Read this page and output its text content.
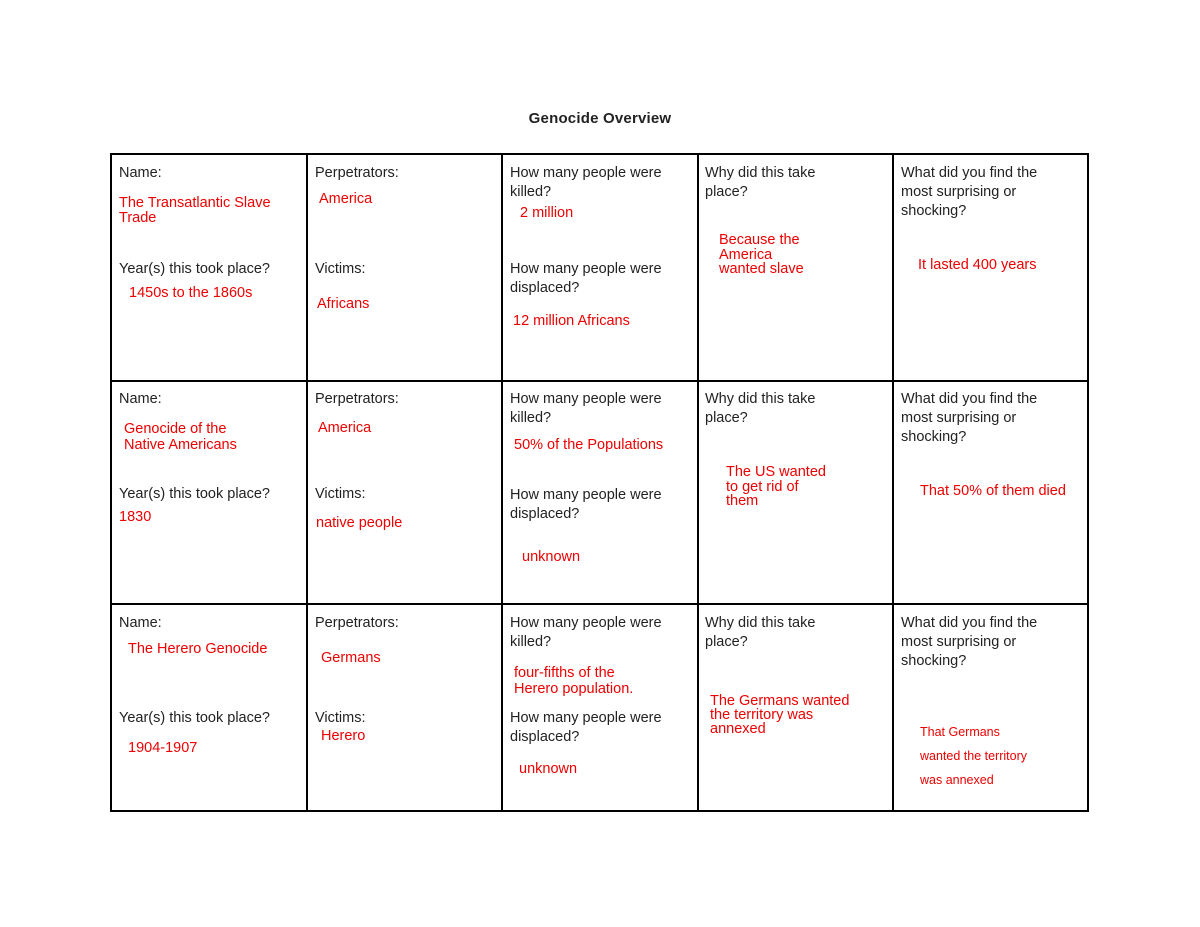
Genocide Overview
Name:
The Transatlantic Slave
Trade
Year(s) this took place?
1450s to the 1860s
Perpetrators:
America
Victims:
Africans
How many people were
killed?
2 million
How many people were
displaced?
12 million Africans
Why did this take
place?
Because the
America
wanted slave
What did you find the
most surprising or
shocking?
It lasted 400 years
Name:
Genocide of the
Native Americans
Year(s) this took place?
1830
Perpetrators:
America
Victims:
native people
How many people were
killed?
50% of the Populations
How many people were
displaced?
unknown
Why did this take
place?
The US wanted
to get rid of
them
What did you find the
most surprising or
shocking?
That 50% of them died
Name:
The Herero Genocide
Year(s) this took place?
1904-1907
Perpetrators:
Germans
Victims:
Herero
How many people were
killed?
four-fifths of the
Herero population.
How many people were
displaced?
unknown
Why did this take
place?
The Germans wanted
the territory was
annexed
What did you find the
most surprising or
shocking?
That Germans
wanted the territory
was annexed
